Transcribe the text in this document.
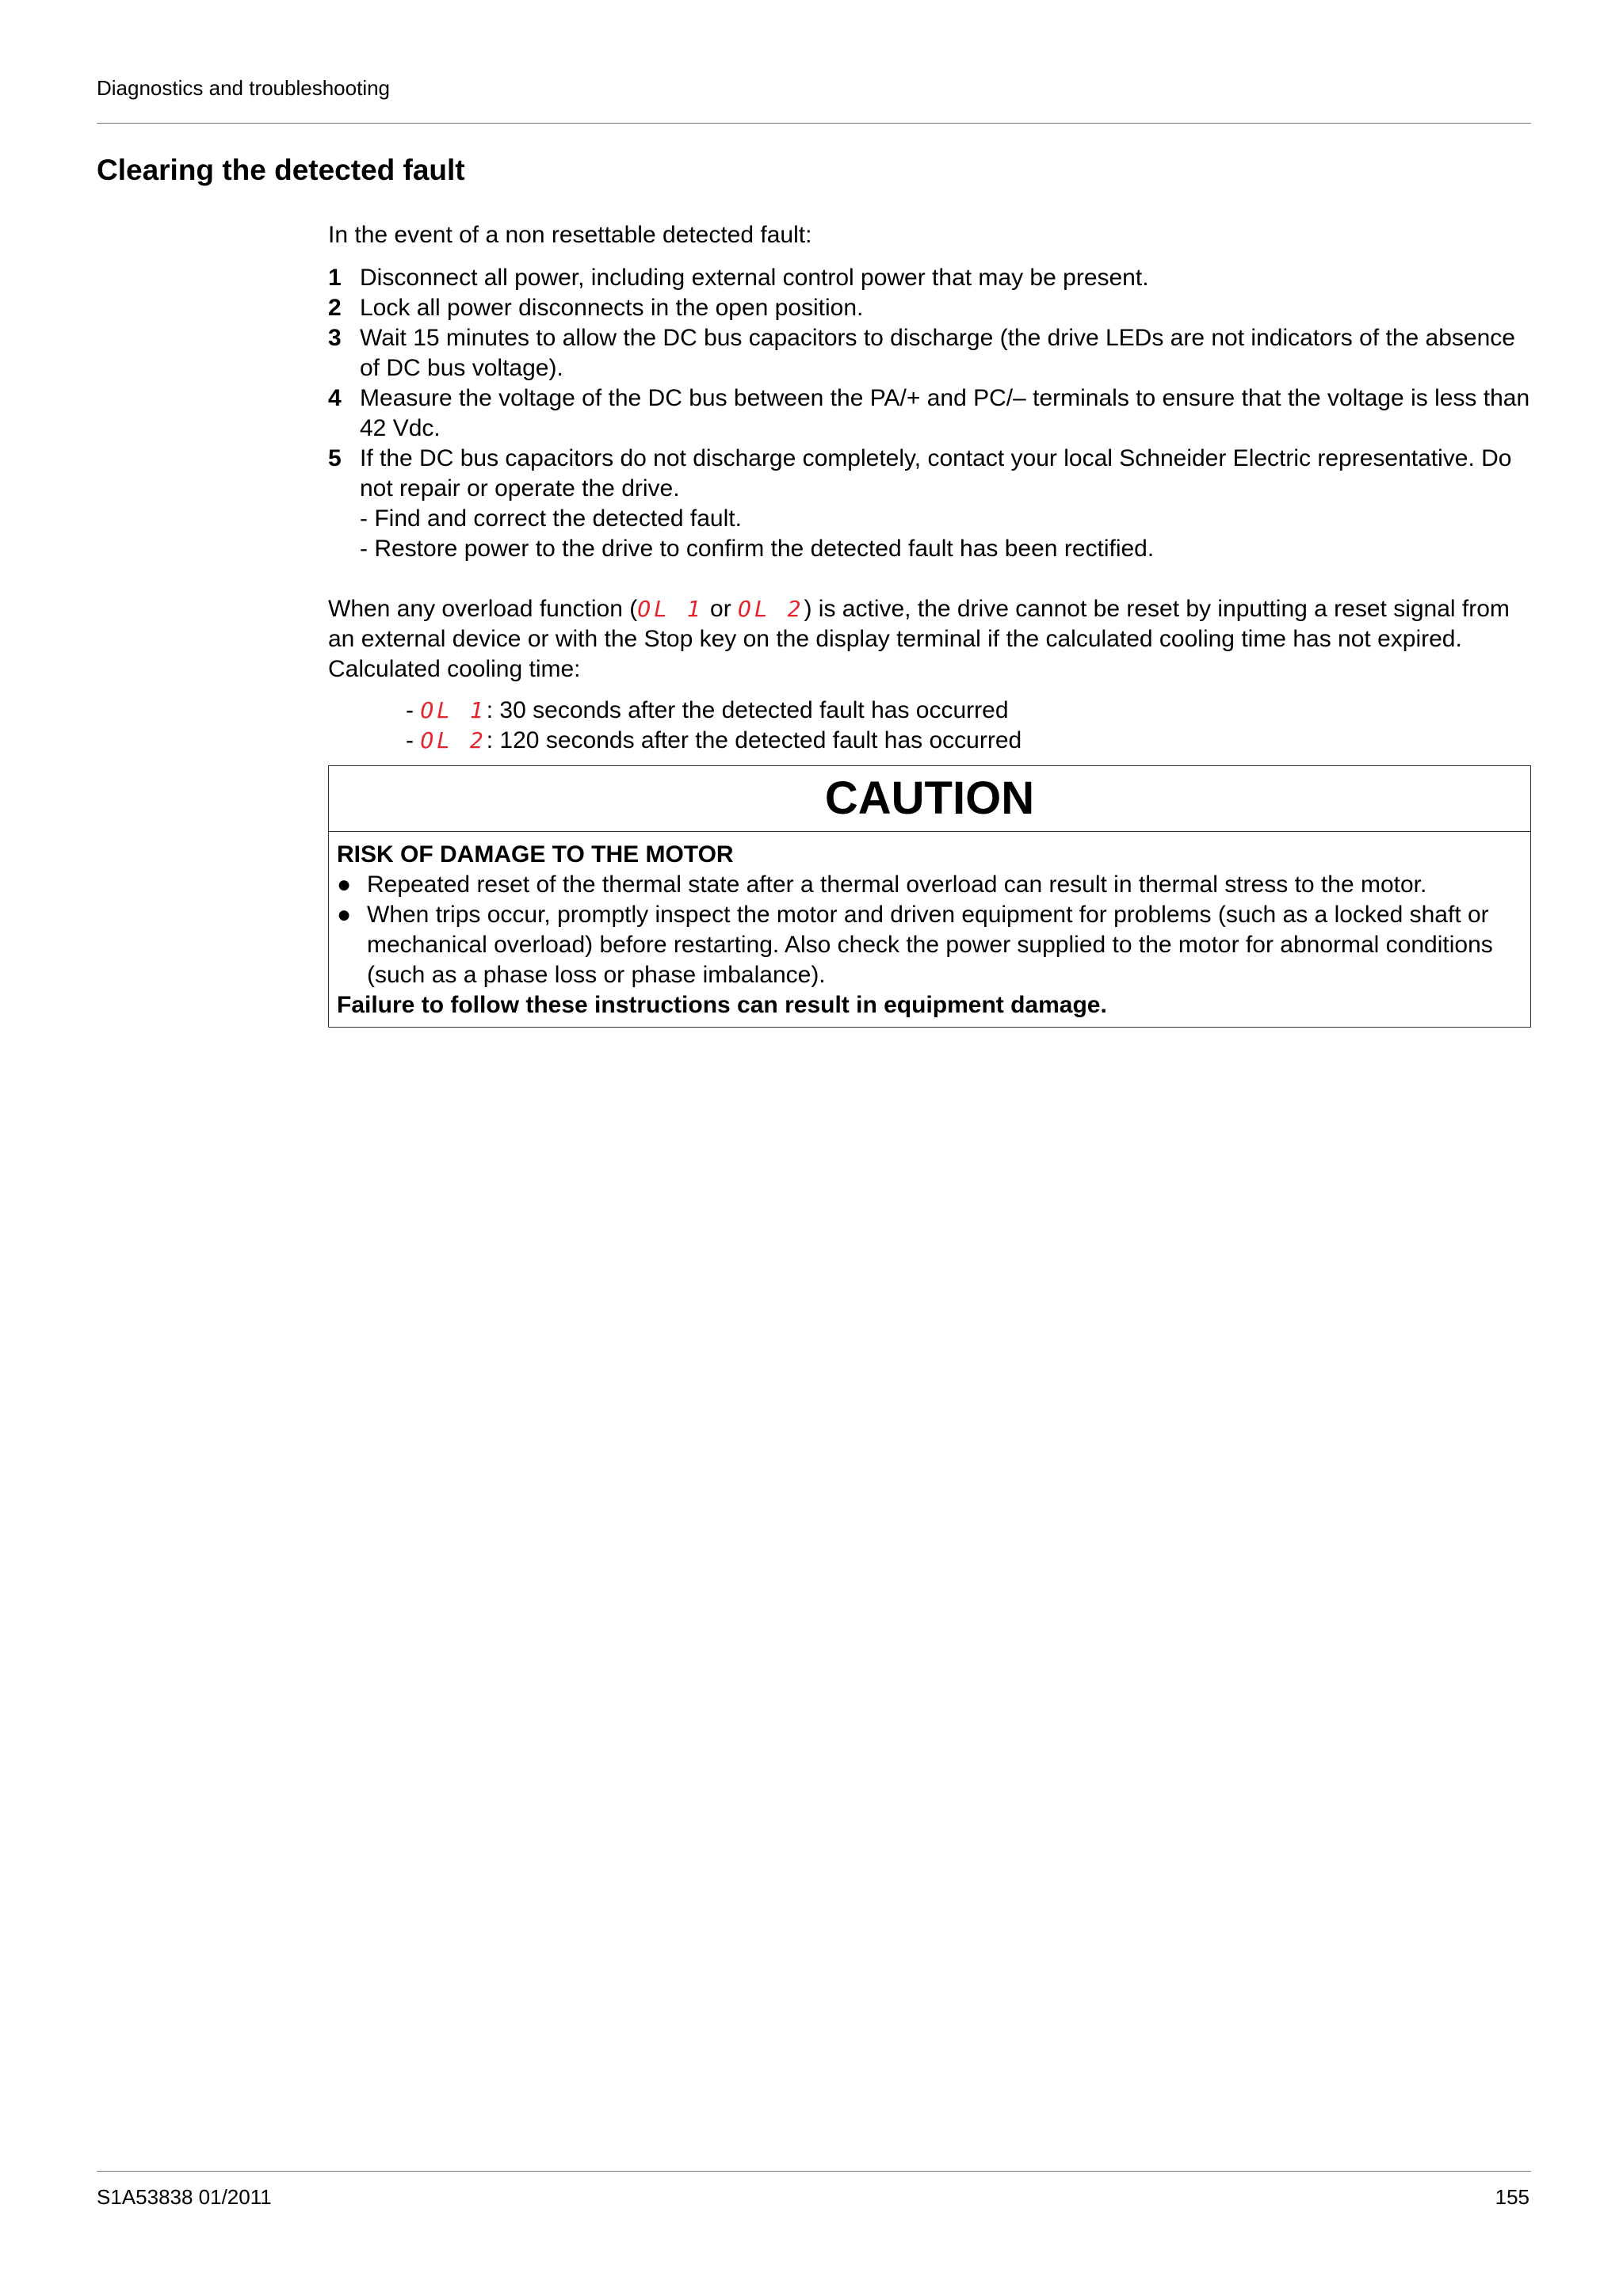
Diagnostics and troubleshooting
Clearing the detected fault

In the event of a non resettable detected fault:

1 Disconnect all power, including external control power that may be present.
2 Lock all power disconnects in the open position.
3 Wait 15 minutes to allow the DC bus capacitors to discharge (the drive LEDs are not indicators of the absence of DC bus voltage).
4 Measure the voltage of the DC bus between the PA/+ and PC/– terminals to ensure that the voltage is less than 42 Vdc.
5 If the DC bus capacitors do not discharge completely, contact your local Schneider Electric representative. Do not repair or operate the drive.
- Find and correct the detected fault.
- Restore power to the drive to confirm the detected fault has been rectified.

When any overload function (OL 1 or OL 2) is active, the drive cannot be reset by inputting a reset signal from an external device or with the Stop key on the display terminal if the calculated cooling time has not expired.

Calculated cooling time:

- OL 1: 30 seconds after the detected fault has occurred
- OL 2: 120 seconds after the detected fault has occurred
CAUTION
RISK OF DAMAGE TO THE MOTOR
● Repeated reset of the thermal state after a thermal overload can result in thermal stress to the motor.
● When trips occur, promptly inspect the motor and driven equipment for problems (such as a locked shaft or mechanical overload) before restarting. Also check the power supplied to the motor for abnormal conditions (such as a phase loss or phase imbalance).
Failure to follow these instructions can result in equipment damage.
S1A53838 01/2011	155
